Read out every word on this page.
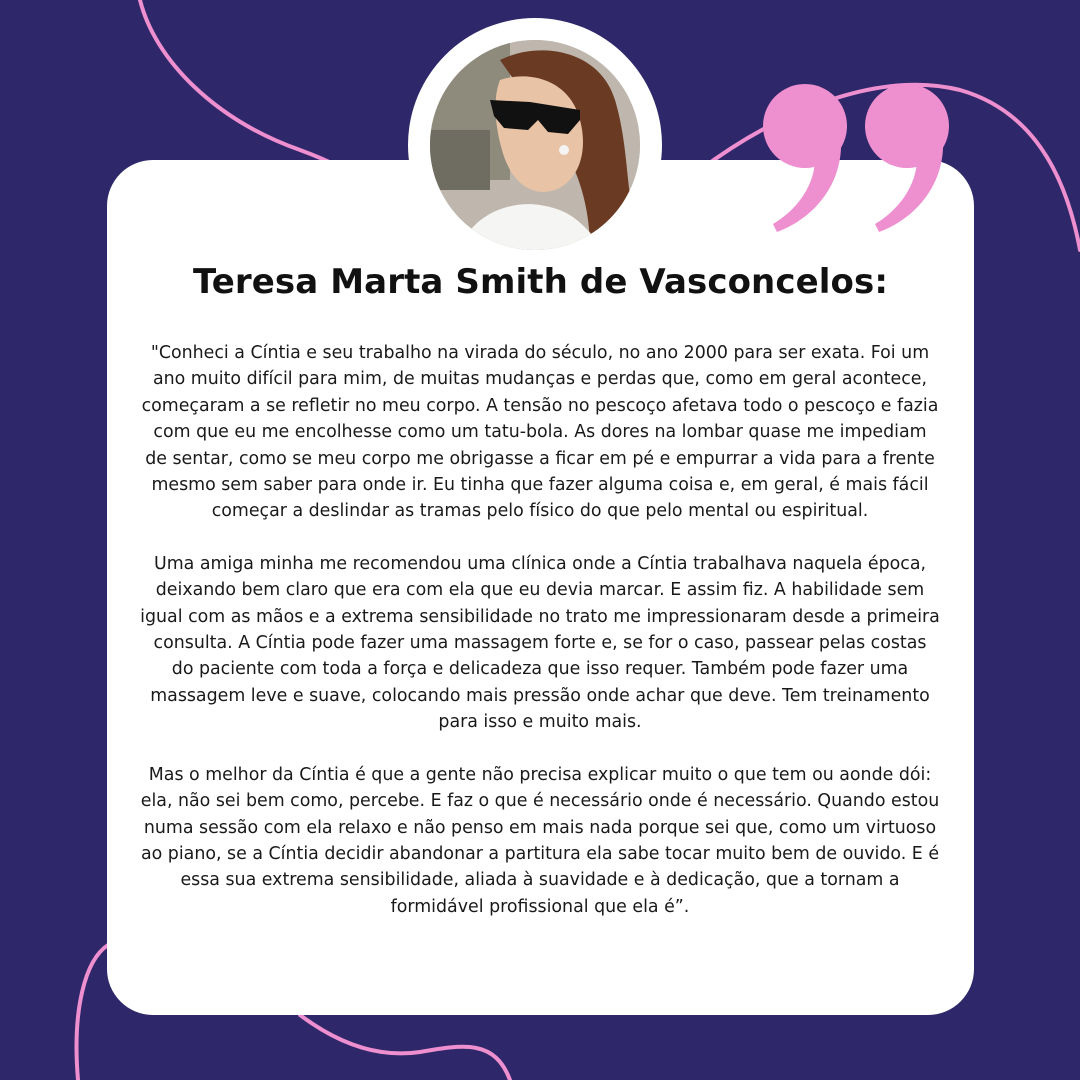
Teresa Marta Smith de Vasconcelos:

"Conheci a Cíntia e seu trabalho na virada do século, no ano 2000 para ser exata. Foi um ano muito difícil para mim, de muitas mudanças e perdas que, como em geral acontece, começaram a se refletir no meu corpo. A tensão no pescoço afetava todo o pescoço e fazia com que eu me encolhesse como um tatu-bola. As dores na lombar quase me impediam de sentar, como se meu corpo me obrigasse a ficar em pé e empurrar a vida para a frente mesmo sem saber para onde ir. Eu tinha que fazer alguma coisa e, em geral, é mais fácil começar a deslindar as tramas pelo físico do que pelo mental ou espiritual.

Uma amiga minha me recomendou uma clínica onde a Cíntia trabalhava naquela época, deixando bem claro que era com ela que eu devia marcar. E assim fiz. A habilidade sem igual com as mãos e a extrema sensibilidade no trato me impressionaram desde a primeira consulta. A Cíntia pode fazer uma massagem forte e, se for o caso, passear pelas costas do paciente com toda a força e delicadeza que isso requer. Também pode fazer uma massagem leve e suave, colocando mais pressão onde achar que deve. Tem treinamento para isso e muito mais.

Mas o melhor da Cíntia é que a gente não precisa explicar muito o que tem ou aonde dói: ela, não sei bem como, percebe. E faz o que é necessário onde é necessário. Quando estou numa sessão com ela relaxo e não penso em mais nada porque sei que, como um virtuoso ao piano, se a Cíntia decidir abandonar a partitura ela sabe tocar muito bem de ouvido. E é essa sua extrema sensibilidade, aliada à suavidade e à dedicação, que a tornam a formidável profissional que ela é”.
